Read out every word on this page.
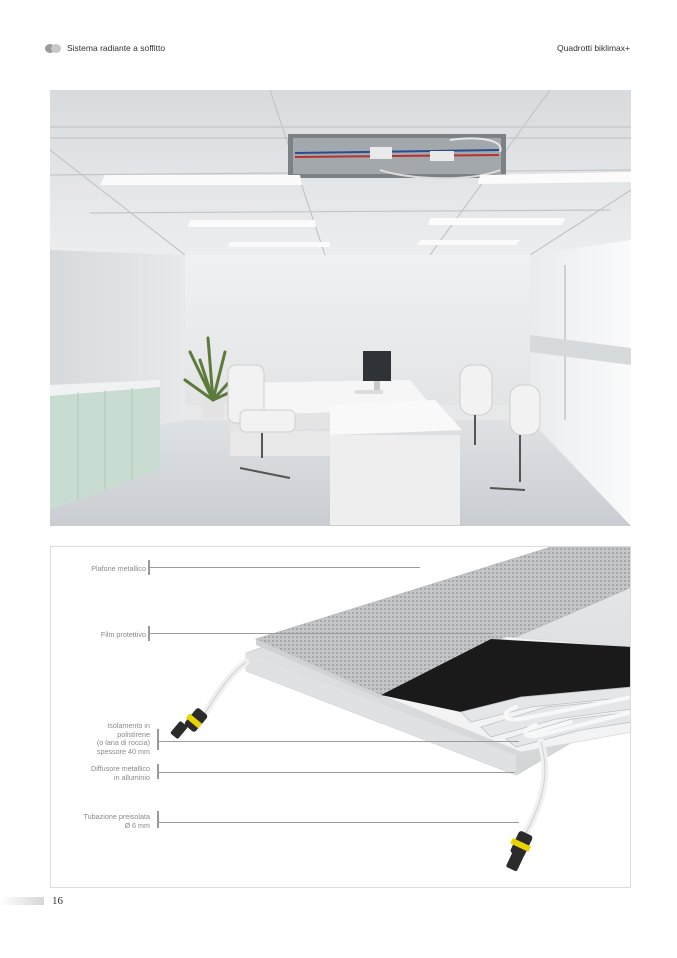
Sistema radiante a soffitto	Quadrotti biklimax+
Plafone metallico
Film protettivo
Isolamento in
polistirene
(o lana di roccia)
spessore 40 mm
Diffusore metallico
in alluminio
Tubazione preisolata
Ø 6 mm
16
